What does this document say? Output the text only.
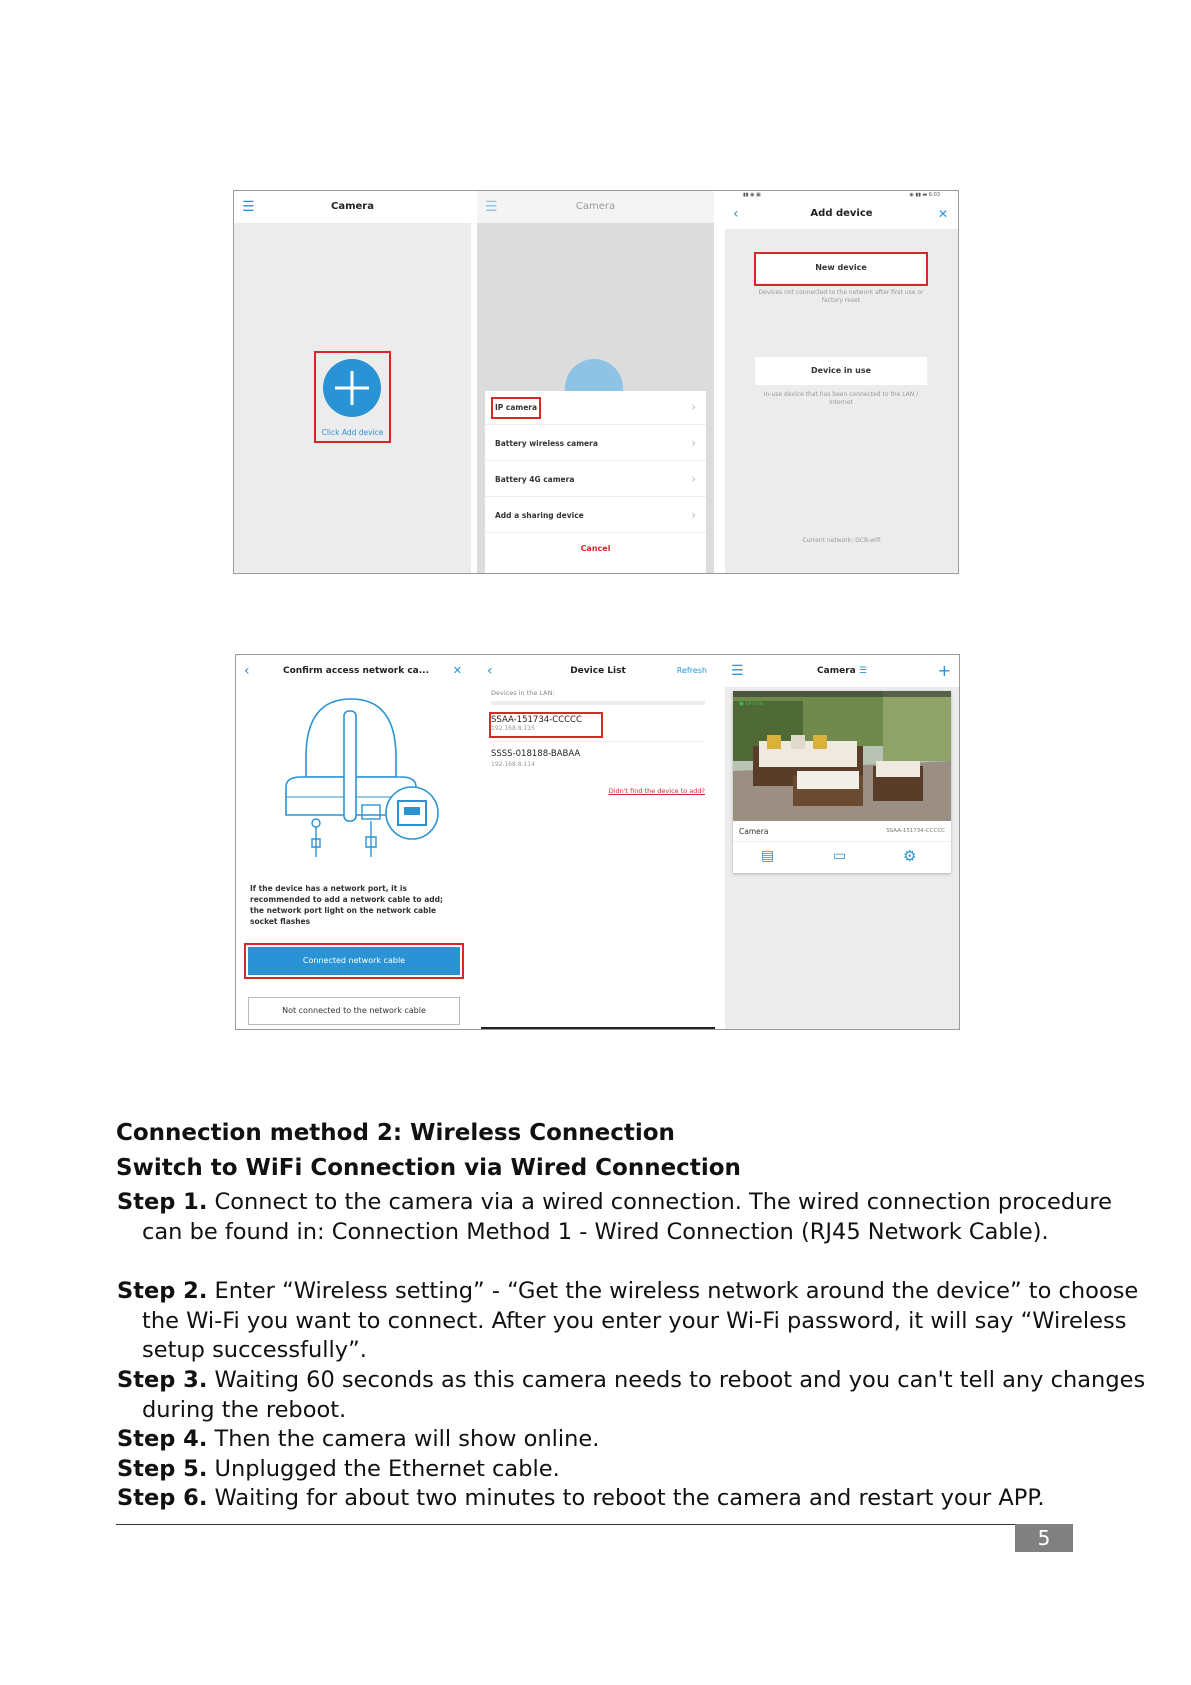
☰	Camera
Click Add device
☰	Camera
IP camera	›
Battery wireless camera	›
Battery 4G camera	›
Add a sharing device	›
Cancel
▮▮ ◉ ▣	◉ ▮▮ ▬ 6:03
‹	Add device	✕
New device
Devices not connected to the network after first use or factory reset
Device in use
In-use device that has been connected to the LAN / Internet
Current network: GCB-wifi
‹	Confirm access network ca... ✕
If the device has a network port, it is recommended to add a network cable to add; the network port light on the network cable socket flashes
Connected network cable
Not connected to the network cable
‹	Device List	Refresh
Devices in the LAN:
SSAA-151734-CCCCC
192.168.8.115
SSSS-018188-BABAA
192.168.8.114
Didn't find the device to add?
☰	Camera ☰	+
● Online
Camera	SSAA-151734-CCCCC
▤	▭	⚙
Connection method 2: Wireless Connection
Switch to WiFi Connection via Wired Connection
Step 1. Connect to the camera via a wired connection. The wired connection procedure can be found in: Connection Method 1 - Wired Connection (RJ45 Network Cable).
Step 2. Enter “Wireless setting” - “Get the wireless network around the device” to choose the Wi-Fi you want to connect. After you enter your Wi-Fi password, it will say “Wireless setup successfully”.
Step 3. Waiting 60 seconds as this camera needs to reboot and you can't tell any changes during the reboot.
Step 4. Then the camera will show online.
Step 5. Unplugged the Ethernet cable.
Step 6. Waiting for about two minutes to reboot the camera and restart your APP.
5
